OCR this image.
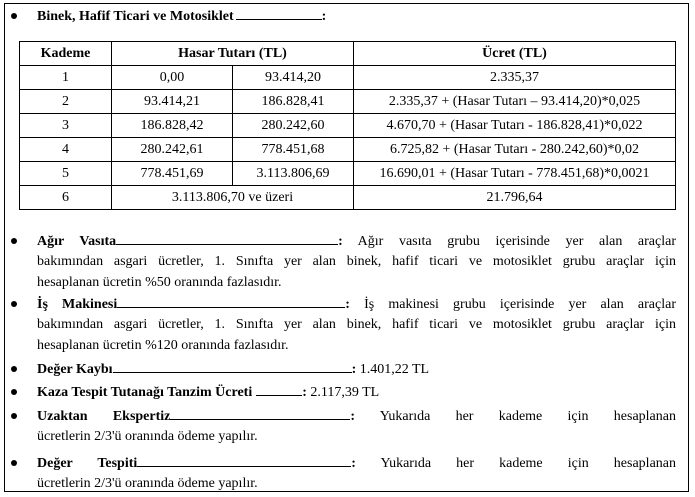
Binek, Hafif Ticari ve Motosiklet	:
Kademe	Hasar Tutarı (TL)		Ücret (TL)
1	0,00	93.414,20	2.335,37
2	93.414,21	186.828,41	2.335,37 + (Hasar Tutarı – 93.414,20)*0,025
3	186.828,42	280.242,60	4.670,70 + (Hasar Tutarı - 186.828,41)*0,022
4	280.242,61	778.451,68	6.725,82 + (Hasar Tutarı - 280.242,60)*0,02
5	778.451,69	3.113.806,69	16.690,01 + (Hasar Tutarı - 778.451,68)*0,0021
6	3.113.806,70 ve üzeri		21.796,64
Ağır Vasıta	: Ağır vasıta grubu içerisinde yer alan araçlar
bakımından asgari ücretler, 1. Sınıfta yer alan binek, hafif ticari ve motosiklet grubu araçlar için
hesaplanan ücretin %50 oranında fazlasıdır.
İş Makinesi	: İş makinesi grubu içerisinde yer alan araçlar
bakımından asgari ücretler, 1. Sınıfta yer alan binek, hafif ticari ve motosiklet grubu araçlar için
hesaplanan ücretin %120 oranında fazlasıdır.
Değer Kaybı	: 1.401,22 TL
Kaza Tespit Tutanağı Tanzim Ücreti	: 2.117,39 TL
Uzaktan Ekspertiz	: Yukarıda her kademe için hesaplanan
ücretlerin 2/3'ü oranında ödeme yapılır.
Değer Tespiti	: Yukarıda her kademe için hesaplanan
ücretlerin 2/3'ü oranında ödeme yapılır.
